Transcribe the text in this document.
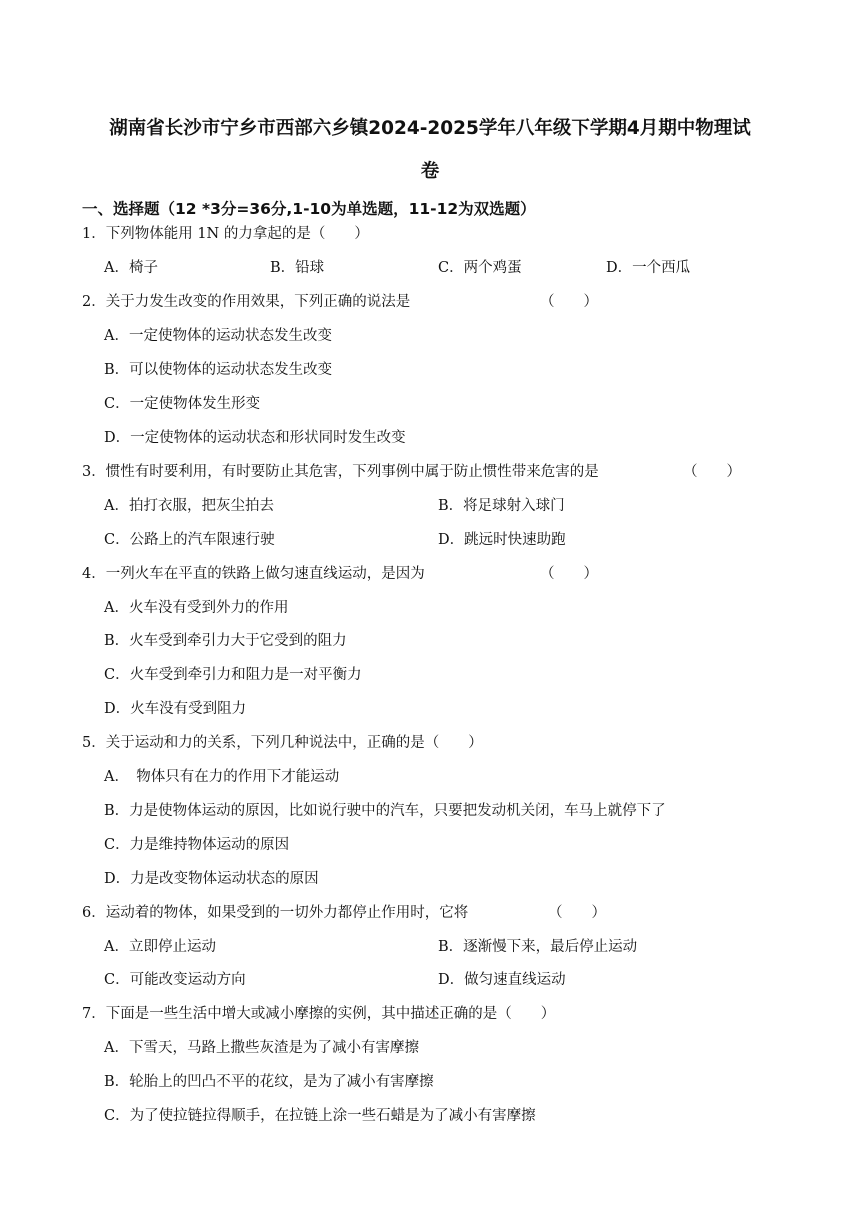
湖南省长沙市宁乡市西部六乡镇2024-2025学年八年级下学期4月期中物理试
卷
一、选择题（12 *3分=36分,1-10为单选题，11-12为双选题）
1．下列物体能用 1N 的力拿起的是（　　）
A．椅子	B．铅球	C．两个鸡蛋	D．一个西瓜
2．关于力发生改变的作用效果，下列正确的说法是	（　　）
A．一定使物体的运动状态发生改变
B．可以使物体的运动状态发生改变
C．一定使物体发生形变
D．一定使物体的运动状态和形状同时发生改变
3．惯性有时要利用，有时要防止其危害，下列事例中属于防止惯性带来危害的是	（　　）
A．拍打衣服，把灰尘拍去	B．将足球射入球门
C．公路上的汽车限速行驶	D．跳远时快速助跑
4．一列火车在平直的铁路上做匀速直线运动，是因为	（　　）
A．火车没有受到外力的作用
B．火车受到牵引力大于它受到的阻力
C．火车受到牵引力和阻力是一对平衡力
D．火车没有受到阻力
5．关于运动和力的关系，下列几种说法中，正确的是（　　）
A．　物体只有在力的作用下才能运动
B．力是使物体运动的原因，比如说行驶中的汽车，只要把发动机关闭，车马上就停下了
C．力是维持物体运动的原因
D．力是改变物体运动状态的原因
6．运动着的物体，如果受到的一切外力都停止作用时，它将	（　　）
A．立即停止运动	B．逐渐慢下来，最后停止运动
C．可能改变运动方向	D．做匀速直线运动
7．下面是一些生活中增大或减小摩擦的实例，其中描述正确的是（　　）
A．下雪天，马路上撒些灰渣是为了减小有害摩擦
B．轮胎上的凹凸不平的花纹，是为了减小有害摩擦
C．为了使拉链拉得顺手，在拉链上涂一些石蜡是为了减小有害摩擦
